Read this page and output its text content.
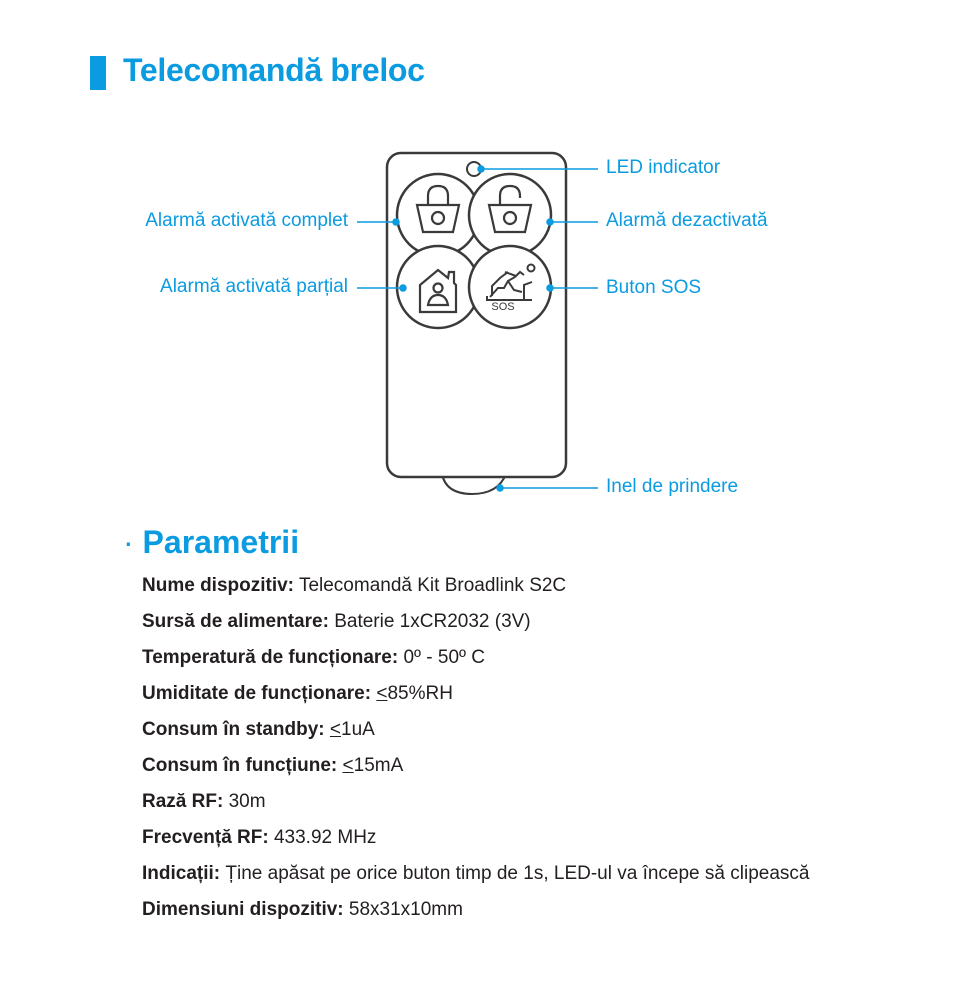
Telecomandă breloc
SOS
LED indicator
Alarmă activată complet	Alarmă dezactivată
Alarmă activată parțial	Buton SOS
Inel de prindere
· Parametrii
Nume dispozitiv: Telecomandă Kit Broadlink S2C
Sursă de alimentare: Baterie 1xCR2032 (3V)
Temperatură de funcționare: 0º - 50º C
Umiditate de funcționare: <85%RH
Consum în standby: <1uA
Consum în funcțiune: <15mA
Rază RF: 30m
Frecvență RF: 433.92 MHz
Indicații: Ține apăsat pe orice buton timp de 1s, LED-ul va începe să clipească
Dimensiuni dispozitiv: 58x31x10mm
